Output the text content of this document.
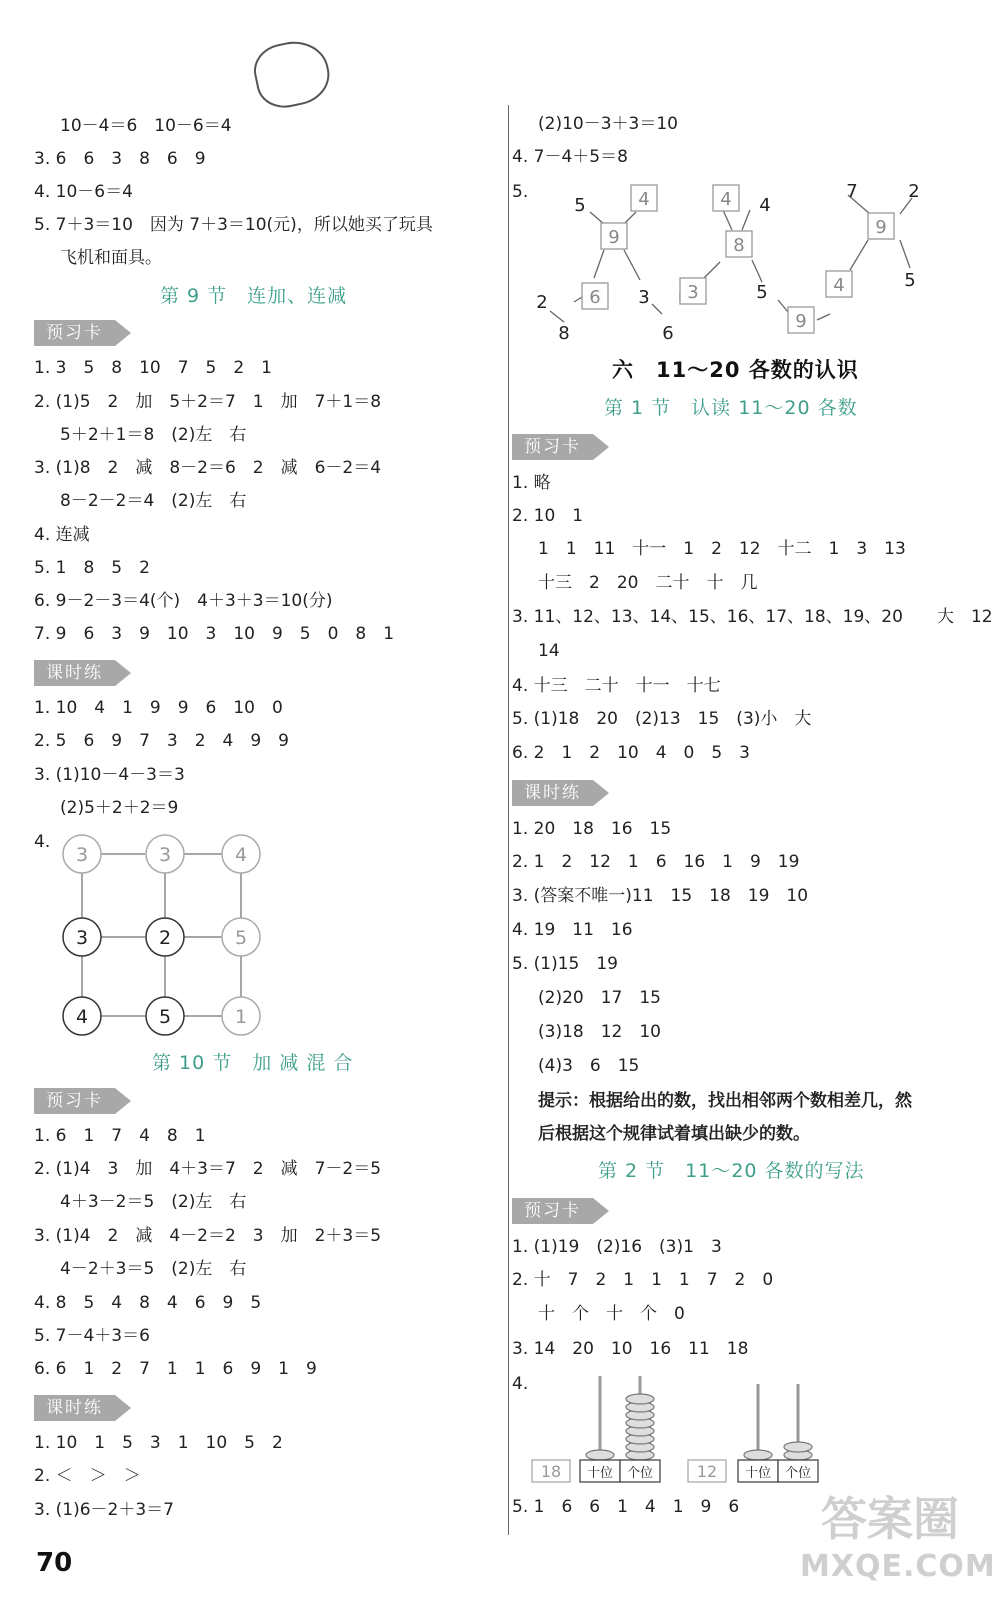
10－4＝6　10－6＝4
3. 6　6　3　8　6　9
4. 10－6＝4
5. 7＋3＝10　因为 7＋3＝10(元)，所以她买了玩具
飞机和面具。
第 9 节　连加、连减
预习卡
1. 3　5　8　10　7　5　2　1
2. (1)5　2　加　5＋2＝7　1　加　7＋1＝8
5＋2＋1＝8　(2)左　右
3. (1)8　2　减　8－2＝6　2　减　6－2＝4
8－2－2＝4　(2)左　右
4. 连减
5. 1　8　5　2
6. 9－2－3＝4(个)　4＋3＋3＝10(分)
7. 9　6　3　9　10　3　10　9　5　0　8　1
课时练
1. 10　4　1　9　9　6　10　0
2. 5　6　9　7　3　2　4　9　9
3. (1)10－4－3＝3
(2)5＋2＋2＝9
4.
3	3	4
3	2	5
4	5	1
第 10 节　加 减 混 合
预习卡
1. 6　1　7　4　8　1
2. (1)4　3　加　4＋3＝7　2　减　7－2＝5
4＋3－2＝5　(2)左　右
3. (1)4　2　减　4－2＝2　3　加　2＋3＝5
4－2＋3＝5　(2)左　右
4. 8　5　4　8　4　6　9　5
5. 7－4＋3＝6
6. 6　1　2　7　1　1　6　9　1　9
课时练
1. 10　1　5　3　1　10　5　2
2. ＜　＞　＞
3. (1)6－2＋3＝7
(2)10－3＋3＝10
4. 7－4＋5＝8
5.
5	4	4 4
9	8
7	2
9
5
2 6 3 3	5	4
8	6
9
六　11～20 各数的认识
第 1 节　认读 11～20 各数
预习卡
1. 略
2. 10　1
1　1　11　十一　1　2　12　十二　1　3　13
十三　2　20　二十　十　几
3. 11、12、13、14、15、16、17、18、19、20　　大　12
14
4. 十三　二十　十一　十七
5. (1)18　20　(2)13　15　(3)小　大
6. 2　1　2　10　4　0　5　3
课时练
1. 20　18　16　15
2. 1　2　12　1　6　16　1　9　19
3. (答案不唯一)11　15　18　19　10
4. 19　11　16
5. (1)15　19
(2)20　17　15
(3)18　12　10
(4)3　6　15
提示：根据给出的数，找出相邻两个数相差几，然
后根据这个规律试着填出缺少的数。
第 2 节　11～20 各数的写法
预习卡
1. (1)19　(2)16　(3)1　3
2. 十　7　2　1　1　1　7　2　0
十　个　十　个　0
3. 14　20　10　16　11　18
4.
18 十位 个位	12 十位 个位
5. 1　6　6　1　4　1　9　6
70
答案圈
MXQE.COM
